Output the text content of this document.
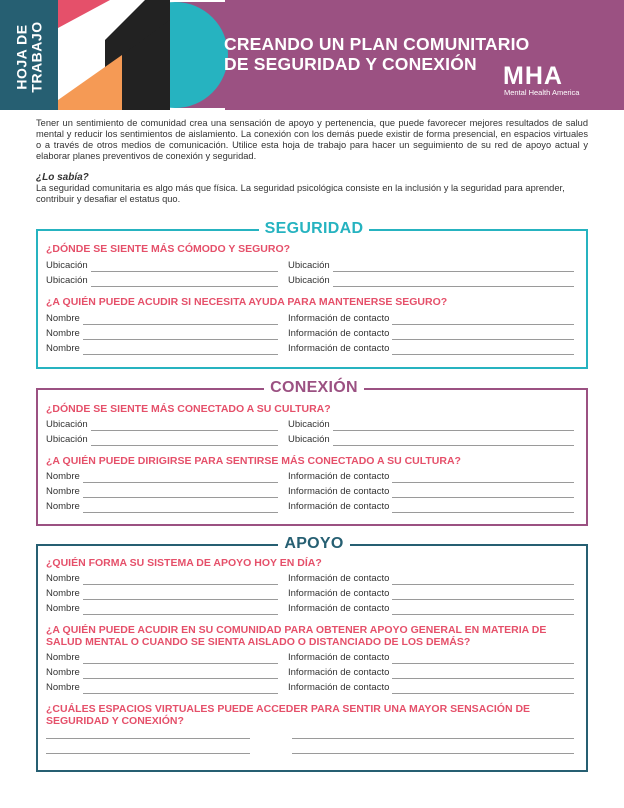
HOJA DE TRABAJO	CREANDO UN PLAN COMUNITARIO
DE SEGURIDAD Y CONEXIÓN	MHA
Mental Health America
Tener un sentimiento de comunidad crea una sensación de apoyo y pertenencia, que puede favorecer mejores resultados de salud mental y reducir los sentimientos de aislamiento. La conexión con los demás puede existir de forma presencial, en espacios virtuales o a través de otros medios de comunicación. Utilice esta hoja de trabajo para hacer un seguimiento de su red de apoyo actual y elaborar planes preventivos de conexión y seguridad.
¿Lo sabía?
La seguridad comunitaria es algo más que física. La seguridad psicológica consiste en la inclusión y la seguridad para aprender, contribuir y desafiar el estatus quo.
SEGURIDAD
¿DÓNDE SE SIENTE MÁS CÓMODO Y SEGURO?
Ubicación	Ubicación
Ubicación	Ubicación
¿A QUIÉN PUEDE ACUDIR SI NECESITA AYUDA PARA MANTENERSE SEGURO?
Nombre	Información de contacto
Nombre	Información de contacto
Nombre	Información de contacto
CONEXIÓN
¿DÓNDE SE SIENTE MÁS CONECTADO A SU CULTURA?
Ubicación	Ubicación
Ubicación	Ubicación
¿A QUIÉN PUEDE DIRIGIRSE PARA SENTIRSE MÁS CONECTADO A SU CULTURA?
Nombre	Información de contacto
Nombre	Información de contacto
Nombre	Información de contacto
APOYO
¿QUIÉN FORMA SU SISTEMA DE APOYO HOY EN DÍA?
Nombre	Información de contacto
Nombre	Información de contacto
Nombre	Información de contacto
¿A QUIÉN PUEDE ACUDIR EN SU COMUNIDAD PARA OBTENER APOYO GENERAL EN MATERIA DE
SALUD MENTAL O CUANDO SE SIENTA AISLADO O DISTANCIADO DE LOS DEMÁS?
Nombre	Información de contacto
Nombre	Información de contacto
Nombre	Información de contacto
¿CUÁLES ESPACIOS VIRTUALES PUEDE ACCEDER PARA SENTIR UNA MAYOR SENSACIÓN DE
SEGURIDAD Y CONEXIÓN?
